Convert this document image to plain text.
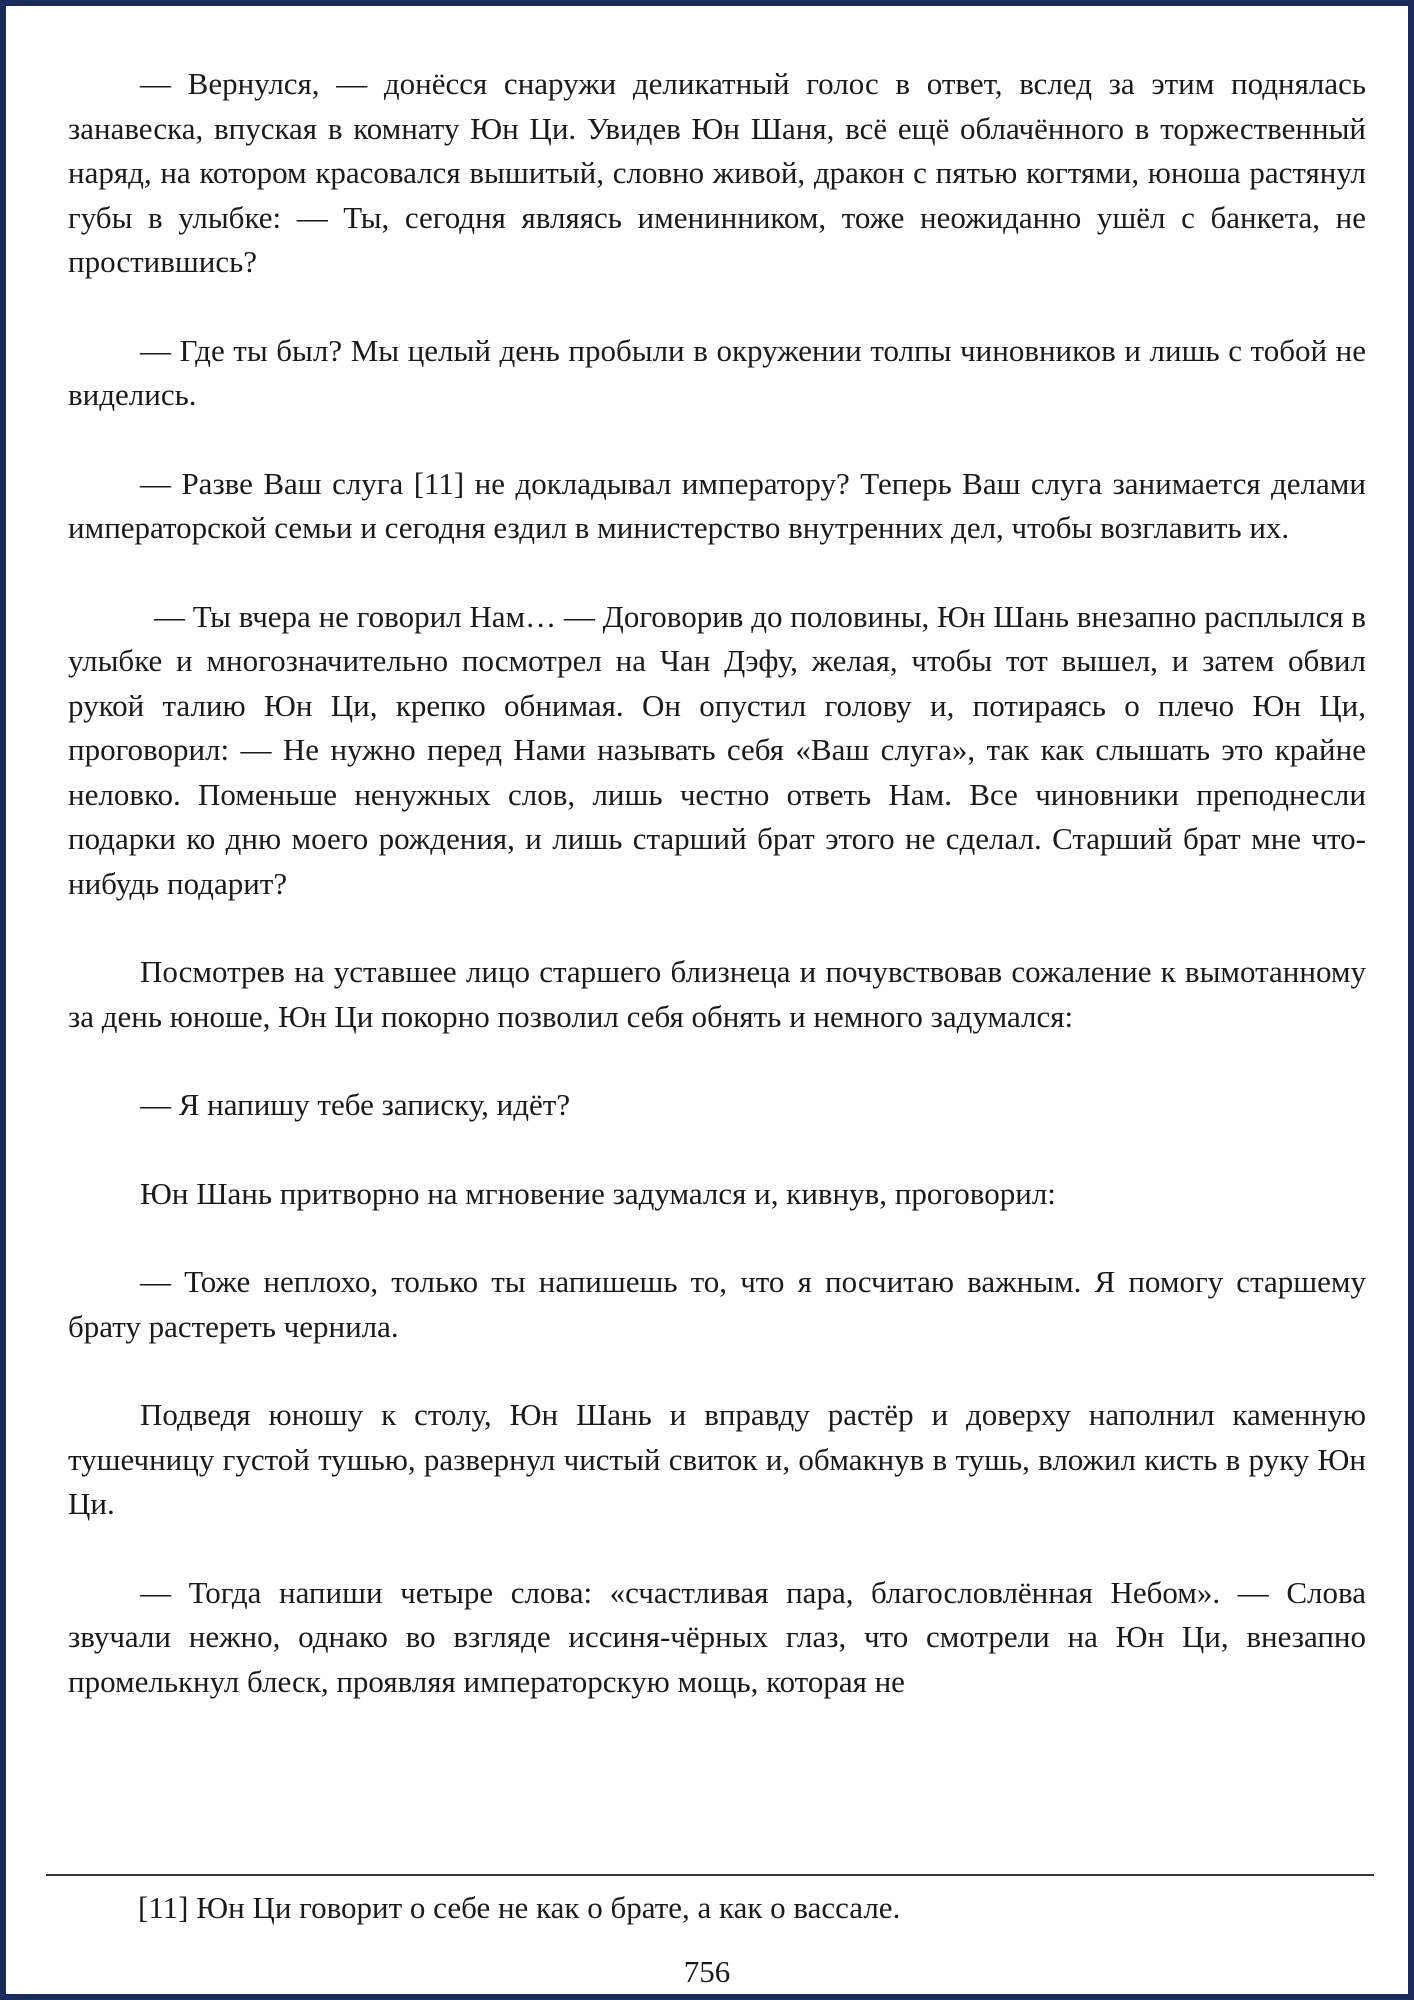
— Вернулся, — донёсся снаружи деликатный голос в ответ, вслед за этим поднялась занавеска, впуская в комнату Юн Ци. Увидев Юн Шаня, всё ещё облачённого в торжественный наряд, на котором красовался вышитый, словно живой, дракон с пятью когтями, юноша растянул губы в улыбке: — Ты, сегодня являясь именинником, тоже неожиданно ушёл с банкета, не простившись?

— Где ты был? Мы целый день пробыли в окружении толпы чиновников и лишь с тобой не виделись.

— Разве Ваш слуга [11] не докладывал императору? Теперь Ваш слуга занимается делами императорской семьи и сегодня ездил в министерство внутренних дел, чтобы возглавить их.

— Ты вчера не говорил Нам… — Договорив до половины, Юн Шань внезапно расплылся в улыбке и многозначительно посмотрел на Чан Дэфу, желая, чтобы тот вышел, и затем обвил рукой талию Юн Ци, крепко обнимая. Он опустил голову и, потираясь о плечо Юн Ци, проговорил: — Не нужно перед Нами называть себя «Ваш слуга», так как слышать это крайне неловко. Поменьше ненужных слов, лишь честно ответь Нам. Все чиновники преподнесли подарки ко дню моего рождения, и лишь старший брат этого не сделал. Старший брат мне что-нибудь подарит?

Посмотрев на уставшее лицо старшего близнеца и почувствовав сожаление к вымотанному за день юноше, Юн Ци покорно позволил себя обнять и немного задумался:

— Я напишу тебе записку, идёт?

Юн Шань притворно на мгновение задумался и, кивнув, проговорил:

— Тоже неплохо, только ты напишешь то, что я посчитаю важным. Я помогу старшему брату растереть чернила.

Подведя юношу к столу, Юн Шань и вправду растёр и доверху наполнил каменную тушечницу густой тушью, развернул чистый свиток и, обмакнув в тушь, вложил кисть в руку Юн Ци.

— Тогда напиши четыре слова: «счастливая пара, благословлённая Небом». — Слова звучали нежно, однако во взгляде иссиня-чёрных глаз, что смотрели на Юн Ци, внезапно промелькнул блеск, проявляя императорскую мощь, которая не

[11] Юн Ци говорит о себе не как о брате, а как о вассале.

756
